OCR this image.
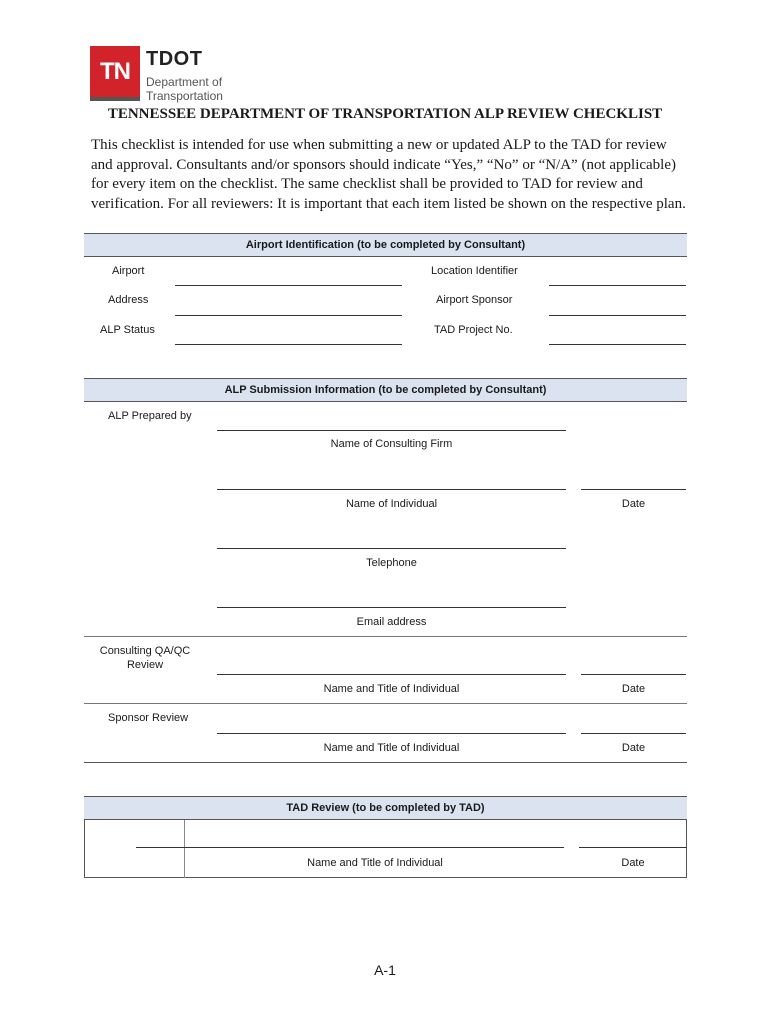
TN TDOT
Department of
Transportation
TENNESSEE DEPARTMENT OF TRANSPORTATION ALP REVIEW CHECKLIST
This checklist is intended for use when submitting a new or updated ALP to the TAD for review and approval. Consultants and/or sponsors should indicate “Yes,” “No” or “N/A” (not applicable) for every item on the checklist. The same checklist shall be provided to TAD for review and verification. For all reviewers: It is important that each item listed be shown on the respective plan.
Airport Identification (to be completed by Consultant)
Airport	Location Identifier
Address	Airport Sponsor
ALP Status	TAD Project No.
ALP Submission Information (to be completed by Consultant)
ALP Prepared by
Name of Consulting Firm
Name of Individual	Date
Telephone
Email address
Consulting QA/QC
Review
Name and Title of Individual	Date
Sponsor Review
Name and Title of Individual	Date
TAD Review (to be completed by TAD)
Name and Title of Individual	Date
A-1
